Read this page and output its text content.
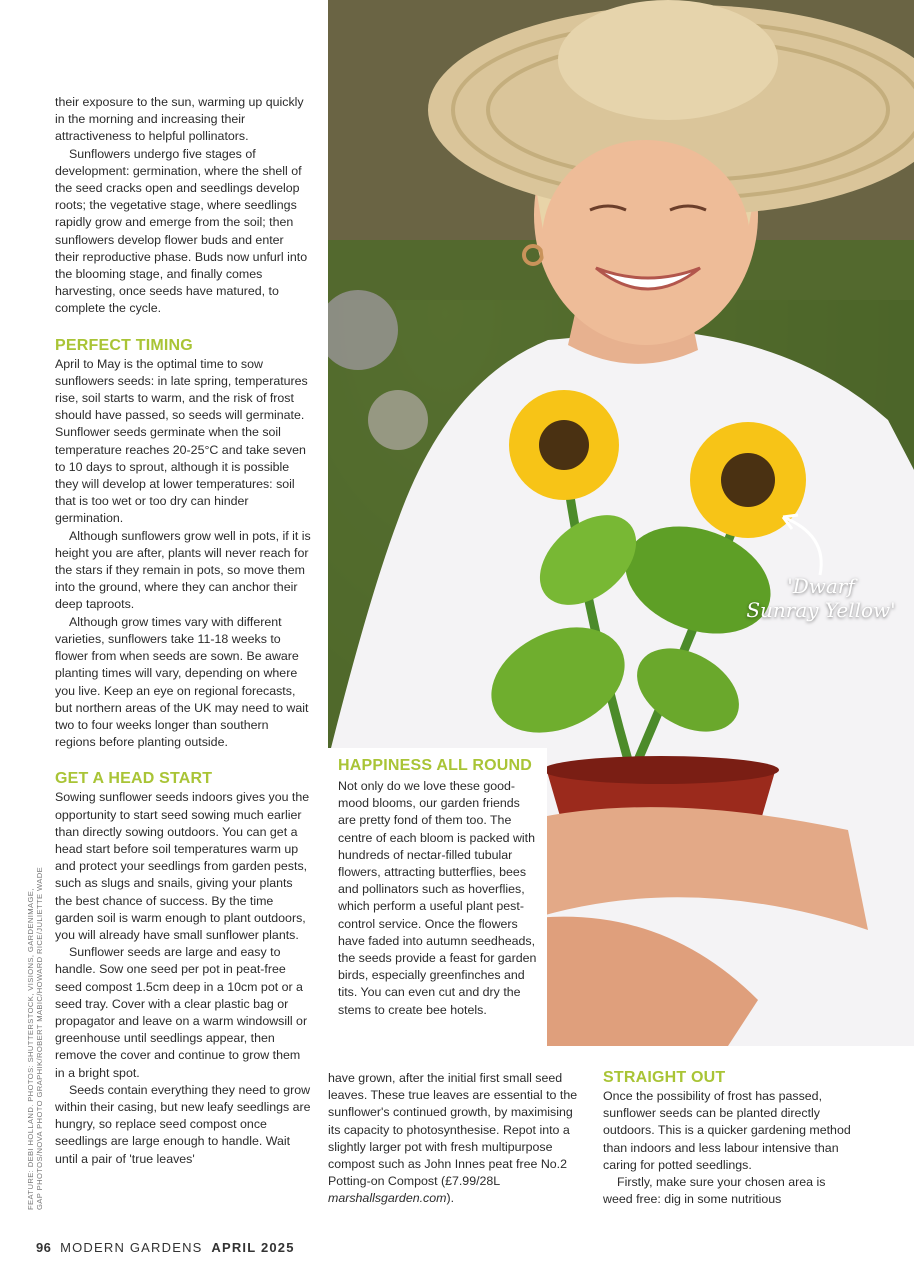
'Dwarf
Sunray Yellow'

their exposure to the sun, warming up quickly in the morning and increasing their attractiveness to helpful pollinators.

Sunflowers undergo five stages of development: germination, where the shell of the seed cracks open and seedlings develop roots; the vegetative stage, where seedlings rapidly grow and emerge from the soil; then sunflowers develop flower buds and enter their reproductive phase. Buds now unfurl into the blooming stage, and finally comes harvesting, once seeds have matured, to complete the cycle.

PERFECT TIMING

April to May is the optimal time to sow sunflowers seeds: in late spring, temperatures rise, soil starts to warm, and the risk of frost should have passed, so seeds will germinate. Sunflower seeds germinate when the soil temperature reaches 20-25°C and take seven to 10 days to sprout, although it is possible they will develop at lower temperatures: soil that is too wet or too dry can hinder germination.

Although sunflowers grow well in pots, if it is height you are after, plants will never reach for the stars if they remain in pots, so move them into the ground, where they can anchor their deep taproots.

Although grow times vary with different varieties, sunflowers take 11-18 weeks to flower from when seeds are sown. Be aware planting times will vary, depending on where you live. Keep an eye on regional forecasts, but northern areas of the UK may need to wait two to four weeks longer than southern regions before planting outside.

GET A HEAD START

Sowing sunflower seeds indoors gives you the opportunity to start seed sowing much earlier than directly sowing outdoors. You can get a head start before soil temperatures warm up and protect your seedlings from garden pests, such as slugs and snails, giving your plants the best chance of success. By the time garden soil is warm enough to plant outdoors, you will already have small sunflower plants.

Sunflower seeds are large and easy to handle. Sow one seed per pot in peat-free seed compost 1.5cm deep in a 10cm pot or a seed tray. Cover with a clear plastic bag or propagator and leave on a warm windowsill or greenhouse until seedlings appear, then remove the cover and continue to grow them in a bright spot.

Seeds contain everything they need to grow within their casing, but new leafy seedlings are hungry, so replace seed compost once seedlings are large enough to handle. Wait until a pair of 'true leaves'

HAPPINESS ALL ROUND

Not only do we love these good-mood blooms, our garden friends are pretty fond of them too. The centre of each bloom is packed with hundreds of nectar-filled tubular flowers, attracting butterflies, bees and pollinators such as hoverflies, which perform a useful plant pest-control service. Once the flowers have faded into autumn seedheads, the seeds provide a feast for garden birds, especially greenfinches and tits. You can even cut and dry the stems to create bee hotels.

have grown, after the initial first small seed leaves. These true leaves are essential to the sunflower's continued growth, by maximising its capacity to photosynthesise. Repot into a slightly larger pot with fresh multipurpose compost such as John Innes peat free No.2 Potting-on Compost (£7.99/28L marshallsgarden.com).

STRAIGHT OUT

Once the possibility of frost has passed, sunflower seeds can be planted directly outdoors. This is a quicker gardening method than indoors and less labour intensive than caring for potted seedlings.

Firstly, make sure your chosen area is weed free: dig in some nutritious

FEATURE: DEBI HOLLAND. PHOTOS: SHUTTERSTOCK, VISIONS, GARDENIMAGE, GAP PHOTOS/NOVA PHOTO GRAPHIK/ROBERT MABIC/HOWARD RICE/JULIETTE WADE
96 MODERN GARDENS APRIL 2025
